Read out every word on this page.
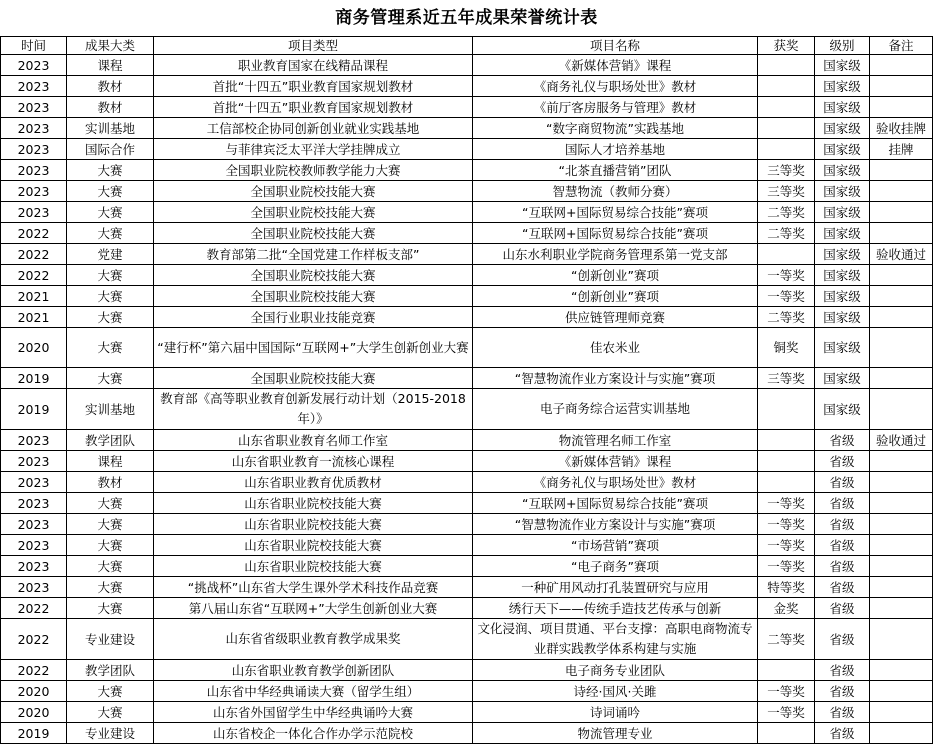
商务管理系近五年成果荣誉统计表
时间	成果大类	项目类型	项目名称	获奖	级别	备注
2023	课程	职业教育国家在线精品课程	《新媒体营销》课程		国家级	
2023	教材	首批“十四五”职业教育国家规划教材	《商务礼仪与职场处世》教材		国家级	
2023	教材	首批“十四五”职业教育国家规划教材	《前厅客房服务与管理》教材		国家级	
2023	实训基地	工信部校企协同创新创业就业实践基地	“数字商贸物流”实践基地		国家级	验收挂牌
2023	国际合作	与菲律宾泛太平洋大学挂牌成立	国际人才培养基地		国家级	挂牌
2023	大赛	全国职业院校教师教学能力大赛	“北茶直播营销”团队	三等奖	国家级	
2023	大赛	全国职业院校技能大赛	智慧物流（教师分赛）	三等奖	国家级	
2023	大赛	全国职业院校技能大赛	“互联网+国际贸易综合技能”赛项	二等奖	国家级	
2022	大赛	全国职业院校技能大赛	“互联网+国际贸易综合技能”赛项	二等奖	国家级	
2022	党建	教育部第二批“全国党建工作样板支部”	山东水利职业学院商务管理系第一党支部		国家级	验收通过
2022	大赛	全国职业院校技能大赛	“创新创业”赛项	一等奖	国家级	
2021	大赛	全国职业院校技能大赛	“创新创业”赛项	一等奖	国家级	
2021	大赛	全国行业职业技能竞赛	供应链管理师竞赛	二等奖	国家级	
2020	大赛	“建行杯”第六届中国国际“互联网+”大学生创新创业大赛	佳农米业	铜奖	国家级	
2019	大赛	全国职业院校技能大赛	“智慧物流作业方案设计与实施”赛项	三等奖	国家级	
2019	实训基地	教育部《高等职业教育创新发展行动计划（2015-2018年）》	电子商务综合运营实训基地		国家级	
2023	教学团队	山东省职业教育名师工作室	物流管理名师工作室		省级	验收通过
2023	课程	山东省职业教育一流核心课程	《新媒体营销》课程		省级	
2023	教材	山东省职业教育优质教材	《商务礼仪与职场处世》教材		省级	
2023	大赛	山东省职业院校技能大赛	“互联网+国际贸易综合技能”赛项	一等奖	省级	
2023	大赛	山东省职业院校技能大赛	“智慧物流作业方案设计与实施”赛项	一等奖	省级	
2023	大赛	山东省职业院校技能大赛	“市场营销”赛项	一等奖	省级	
2023	大赛	山东省职业院校技能大赛	“电子商务”赛项	一等奖	省级	
2023	大赛	“挑战杯”山东省大学生课外学术科技作品竞赛	一种矿用风动打孔装置研究与应用	特等奖	省级	
2022	大赛	第八届山东省“互联网+”大学生创新创业大赛	绣行天下——传统手造技艺传承与创新	金奖	省级	
2022	专业建设	山东省省级职业教育教学成果奖	文化浸润、项目贯通、平台支撑：高职电商物流专业群实践教学体系构建与实施	二等奖	省级	
2022	教学团队	山东省职业教育教学创新团队	电子商务专业团队		省级	
2020	大赛	山东省中华经典诵读大赛（留学生组）	诗经·国风·关雎	一等奖	省级	
2020	大赛	山东省外国留学生中华经典诵吟大赛	诗词诵吟	一等奖	省级	
2019	专业建设	山东省校企一体化合作办学示范院校	物流管理专业		省级	
